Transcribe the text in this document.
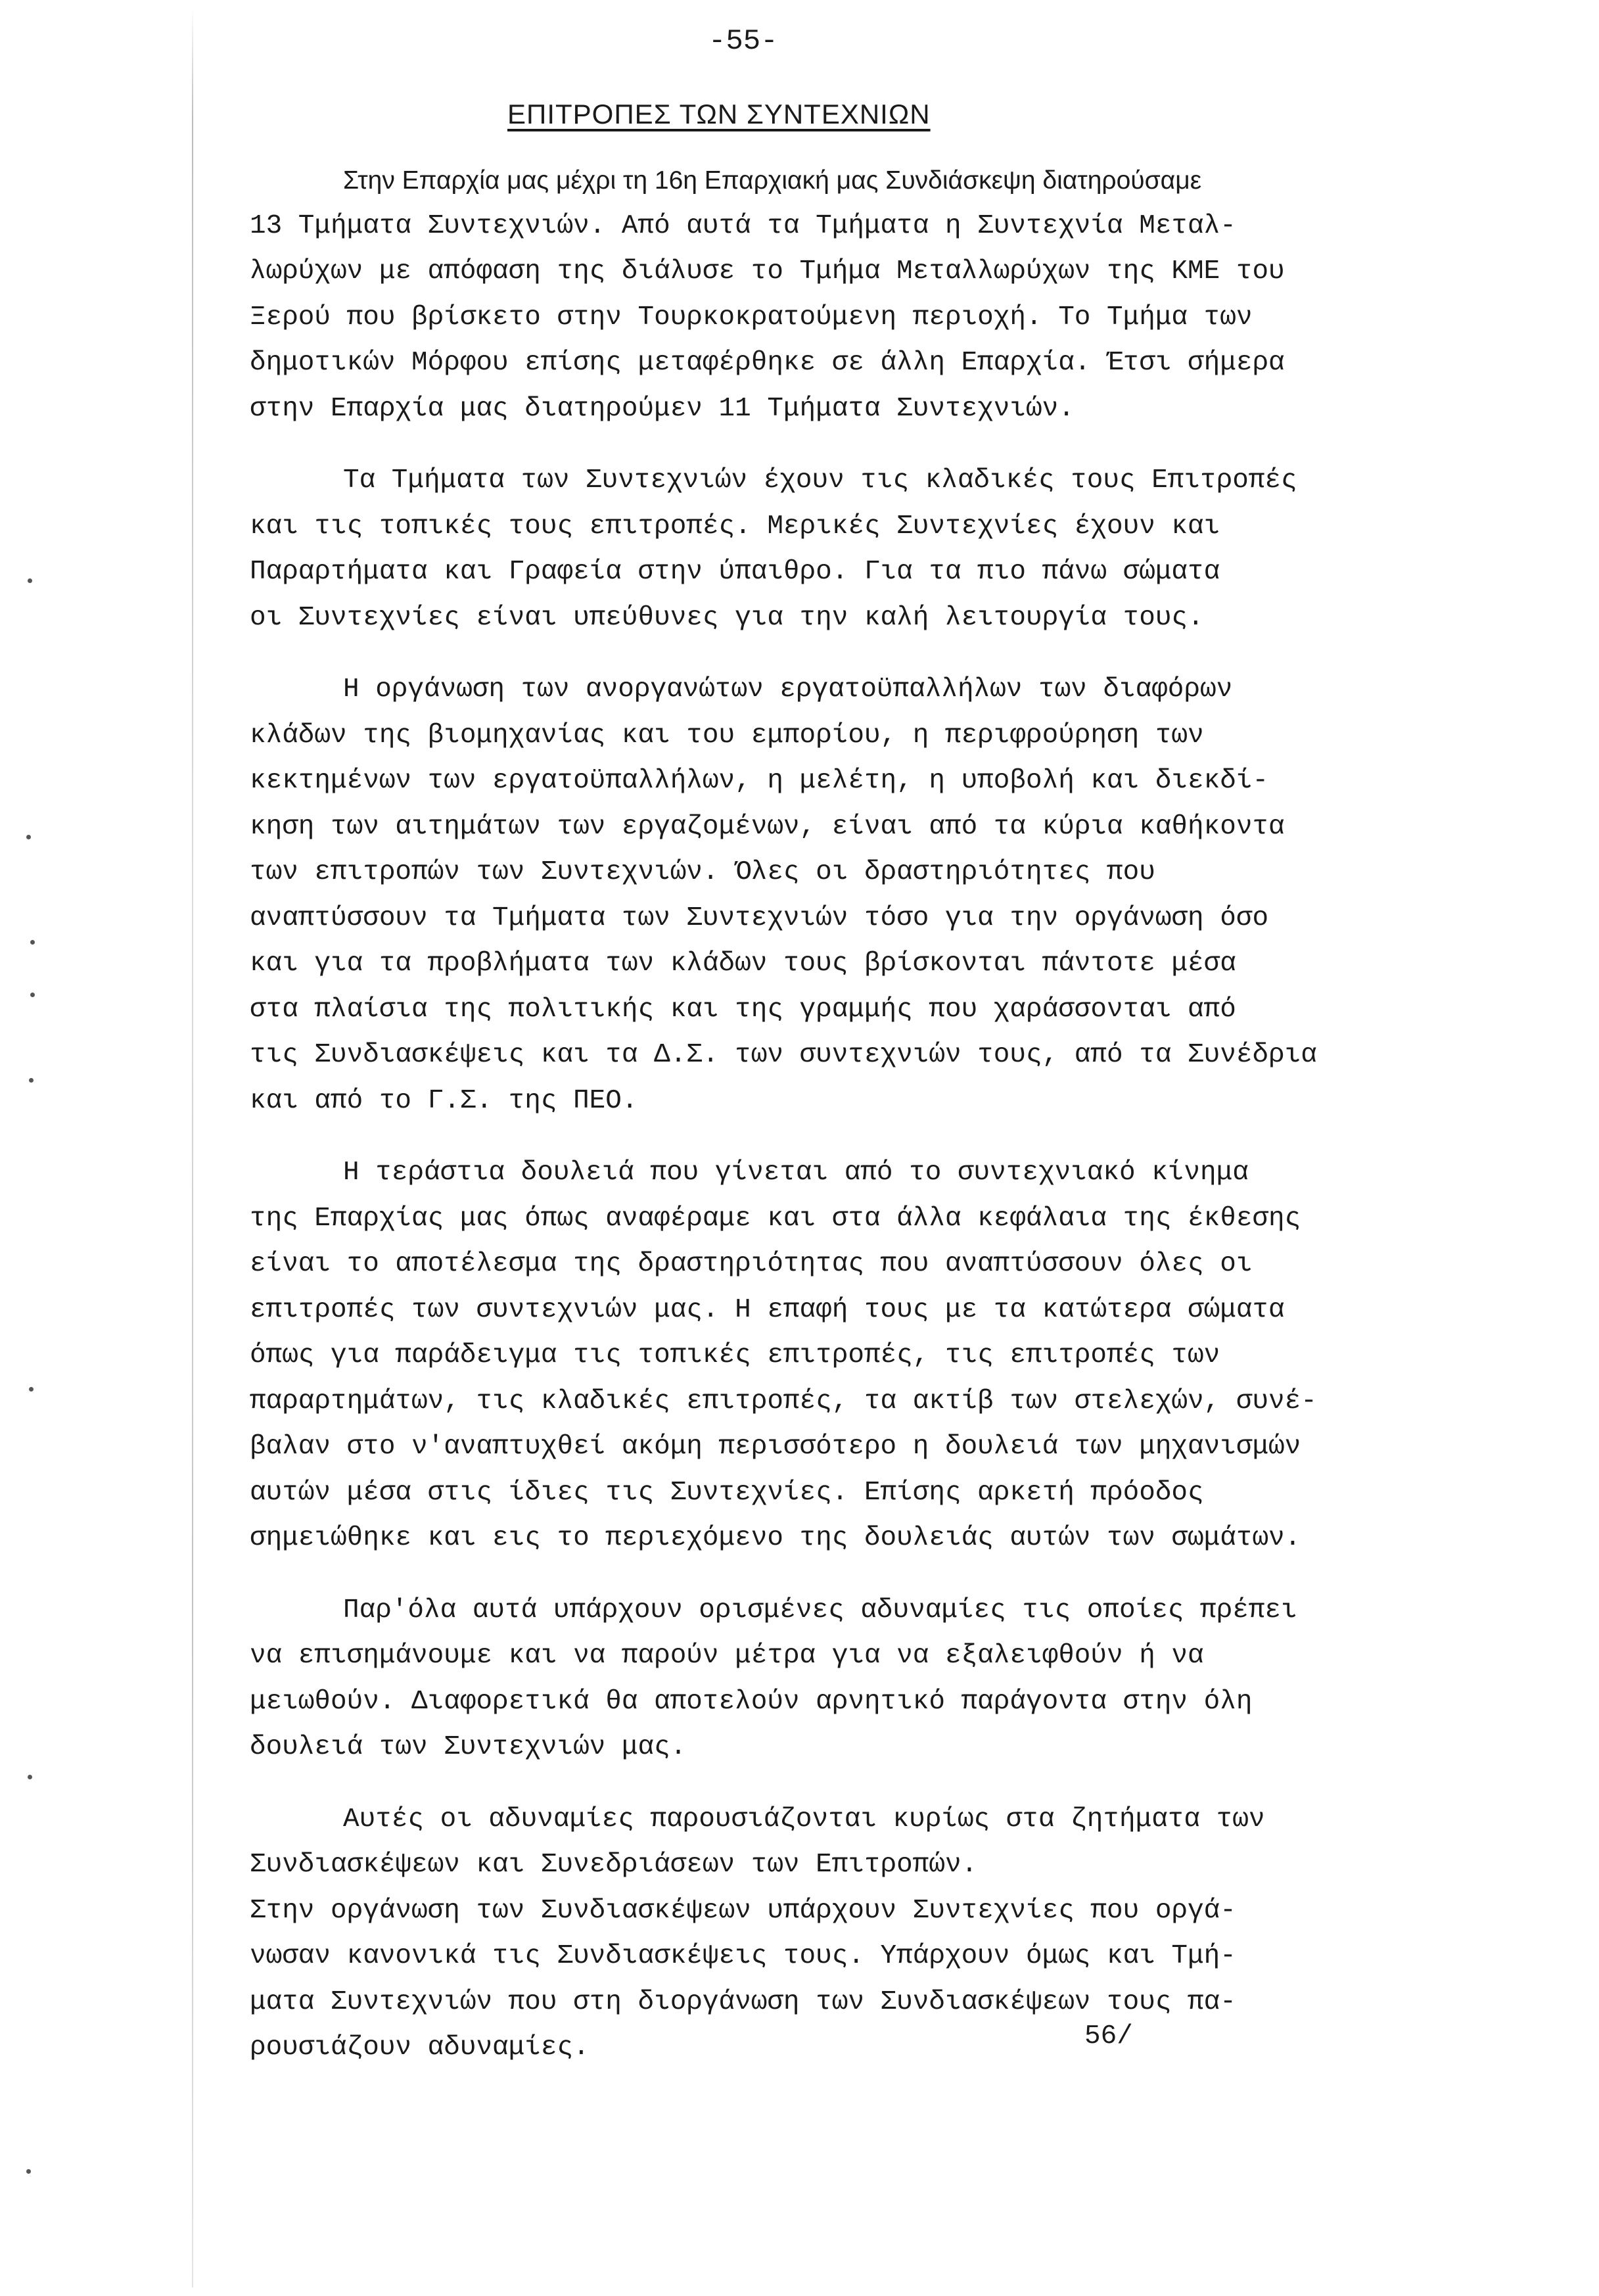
-55-
ΕΠΙΤΡΟΠΕΣ ΤΩΝ ΣΥΝΤΕΧΝΙΩΝ
Στην Επαρχία μας μέχρι τη 16η Επαρχιακή μας Συνδιάσκεψη διατηρούσαμε
13 Τμήματα Συντεχνιών. Από αυτά τα Τμήματα η Συντεχνία Μεταλ-
λωρύχων με απόφαση της διάλυσε το Τμήμα Μεταλλωρύχων της ΚΜΕ του
Ξερού που βρίσκετο στην Τουρκοκρατούμενη περιοχή. Το Τμήμα των
δημοτικών Μόρφου επίσης μεταφέρθηκε σε άλλη Επαρχία. Έτσι σήμερα
στην Επαρχία μας διατηρούμεν 11 Τμήματα Συντεχνιών.
Τα Τμήματα των Συντεχνιών έχουν τις κλαδικές τους Επιτροπές
και τις τοπικές τους επιτροπές. Μερικές Συντεχνίες έχουν και
Παραρτήματα και Γραφεία στην ύπαιθρο. Για τα πιο πάνω σώματα
οι Συντεχνίες είναι υπεύθυνες για την καλή λειτουργία τους.
Η οργάνωση των ανοργανώτων εργατοϋπαλλήλων των διαφόρων
κλάδων της βιομηχανίας και του εμπορίου, η περιφρούρηση των
κεκτημένων των εργατοϋπαλλήλων, η μελέτη, η υποβολή και διεκδί-
κηση των αιτημάτων των εργαζομένων, είναι από τα κύρια καθήκοντα
των επιτροπών των Συντεχνιών. Όλες οι δραστηριότητες που
αναπτύσσουν τα Τμήματα των Συντεχνιών τόσο για την οργάνωση όσο
και για τα προβλήματα των κλάδων τους βρίσκονται πάντοτε μέσα
στα πλαίσια της πολιτικής και της γραμμής που χαράσσονται από
τις Συνδιασκέψεις και τα Δ.Σ. των συντεχνιών τους, από τα Συνέδρια
και από το Γ.Σ. της ΠΕΟ.
Η τεράστια δουλειά που γίνεται από το συντεχνιακό κίνημα
της Επαρχίας μας όπως αναφέραμε και στα άλλα κεφάλαια της έκθεσης
είναι το αποτέλεσμα της δραστηριότητας που αναπτύσσουν όλες οι
επιτροπές των συντεχνιών μας. Η επαφή τους με τα κατώτερα σώματα
όπως για παράδειγμα τις τοπικές επιτροπές, τις επιτροπές των
παραρτημάτων, τις κλαδικές επιτροπές, τα ακτίβ των στελεχών, συνέ-
βαλαν στο ν'αναπτυχθεί ακόμη περισσότερο η δουλειά των μηχανισμών
αυτών μέσα στις ίδιες τις Συντεχνίες. Επίσης αρκετή πρόοδος
σημειώθηκε και εις το περιεχόμενο της δουλειάς αυτών των σωμάτων.
Παρ'όλα αυτά υπάρχουν ορισμένες αδυναμίες τις οποίες πρέπει
να επισημάνουμε και να παρούν μέτρα για να εξαλειφθούν ή να
μειωθούν. Διαφορετικά θα αποτελούν αρνητικό παράγοντα στην όλη
δουλειά των Συντεχνιών μας.
Αυτές οι αδυναμίες παρουσιάζονται κυρίως στα ζητήματα των
Συνδιασκέψεων και Συνεδριάσεων των Επιτροπών.
Στην οργάνωση των Συνδιασκέψεων υπάρχουν Συντεχνίες που οργά-
νωσαν κανονικά τις Συνδιασκέψεις τους. Υπάρχουν όμως και Τμή-
ματα Συντεχνιών που στη διοργάνωση των Συνδιασκέψεων τους πα-
ρουσιάζουν αδυναμίες.	56/
